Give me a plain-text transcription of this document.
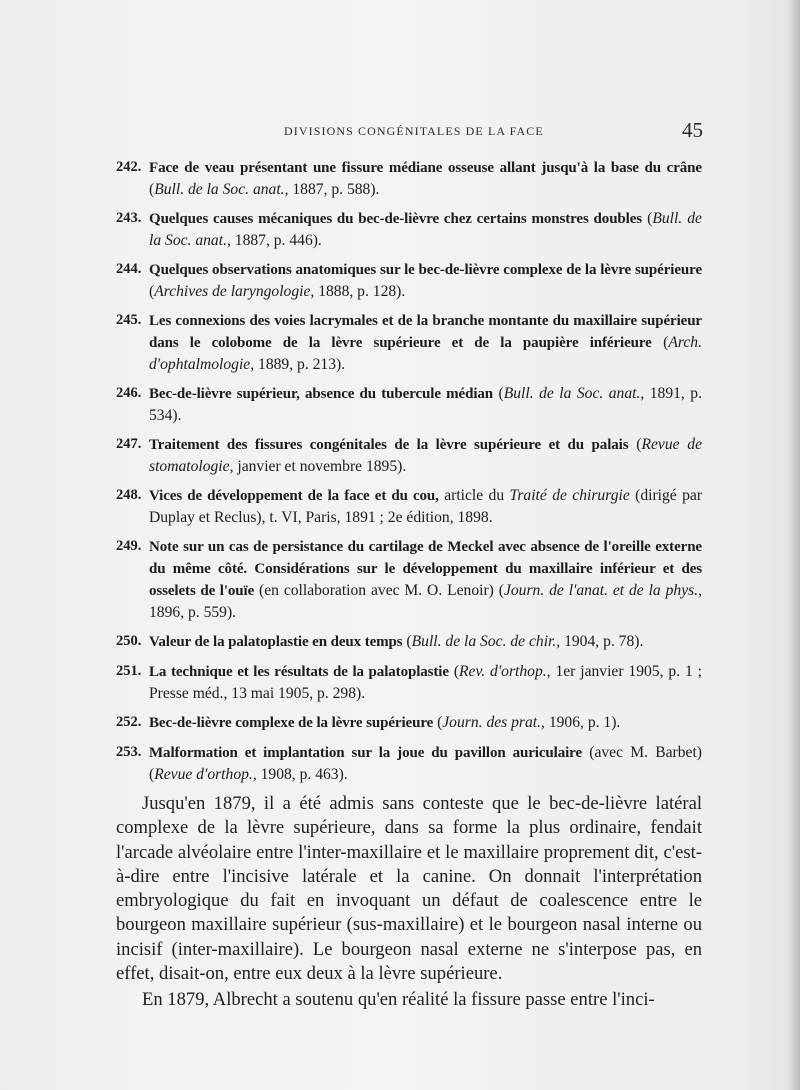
DIVISIONS CONGÉNITALES DE LA FACE	45
242. Face de veau présentant une fissure médiane osseuse allant jusqu'à la base du crâne (Bull. de la Soc. anat., 1887, p. 588).
243. Quelques causes mécaniques du bec-de-lièvre chez certains monstres doubles (Bull. de la Soc. anat., 1887, p. 446).
244. Quelques observations anatomiques sur le bec-de-lièvre complexe de la lèvre supérieure (Archives de laryngologie, 1888, p. 128).
245. Les connexions des voies lacrymales et de la branche montante du maxillaire supérieur dans le colobome de la lèvre supérieure et de la paupière inférieure (Arch. d'ophtalmologie, 1889, p. 213).
246. Bec-de-lièvre supérieur, absence du tubercule médian (Bull. de la Soc. anat., 1891, p. 534).
247. Traitement des fissures congénitales de la lèvre supérieure et du palais (Revue de stomatologie, janvier et novembre 1895).
248. Vices de développement de la face et du cou, article du Traité de chirurgie (dirigé par Duplay et Reclus), t. VI, Paris, 1891 ; 2e édition, 1898.
249. Note sur un cas de persistance du cartilage de Meckel avec absence de l'oreille externe du même côté. Considérations sur le développement du maxillaire inférieur et des osselets de l'ouïe (en collaboration avec M. O. Lenoir) (Journ. de l'anat. et de la phys., 1896, p. 559).
250. Valeur de la palatoplastie en deux temps (Bull. de la Soc. de chir., 1904, p. 78).
251. La technique et les résultats de la palatoplastie (Rev. d'orthop., 1er janvier 1905, p. 1 ; Presse méd., 13 mai 1905, p. 298).
252. Bec-de-lièvre complexe de la lèvre supérieure (Journ. des prat., 1906, p. 1).
253. Malformation et implantation sur la joue du pavillon auriculaire (avec M. Barbet) (Revue d'orthop., 1908, p. 463).

Jusqu'en 1879, il a été admis sans conteste que le bec-de-lièvre latéral complexe de la lèvre supérieure, dans sa forme la plus ordinaire, fendait l'arcade alvéolaire entre l'inter-maxillaire et le maxillaire proprement dit, c'est-à-dire entre l'incisive latérale et la canine. On donnait l'interprétation embryologique du fait en invoquant un défaut de coalescence entre le bourgeon maxillaire supérieur (sus-maxillaire) et le bourgeon nasal interne ou incisif (inter-maxillaire). Le bourgeon nasal externe ne s'interpose pas, en effet, disait-on, entre eux deux à la lèvre supérieure.

En 1879, Albrecht a soutenu qu'en réalité la fissure passe entre l'inci-
